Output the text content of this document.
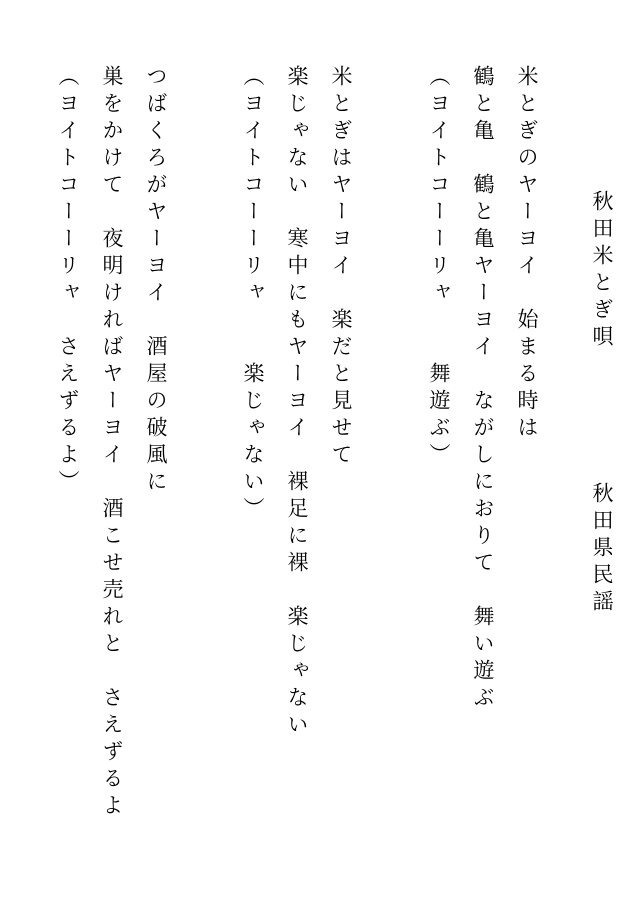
秋田米とぎ唄
秋田県民謡
米とぎのヤーヨイ　始まる時は
鶴と亀　鶴と亀ヤーヨイ　ながしにおりて　舞い遊ぶ
（ヨイトコーーリャ　　舞遊ぶ）
米とぎはヤーヨイ　楽だと見せて
楽じゃない　寒中にもヤーヨイ　裸足に裸　楽じゃない
（ヨイトコーーリャ　　楽じゃない）
つばくろがヤーヨイ　酒屋の破風に
巣をかけて　夜明ければヤーヨイ　酒こせ売れと　さえずるよ
（ヨイトコーーリャ　さえずるよ）
